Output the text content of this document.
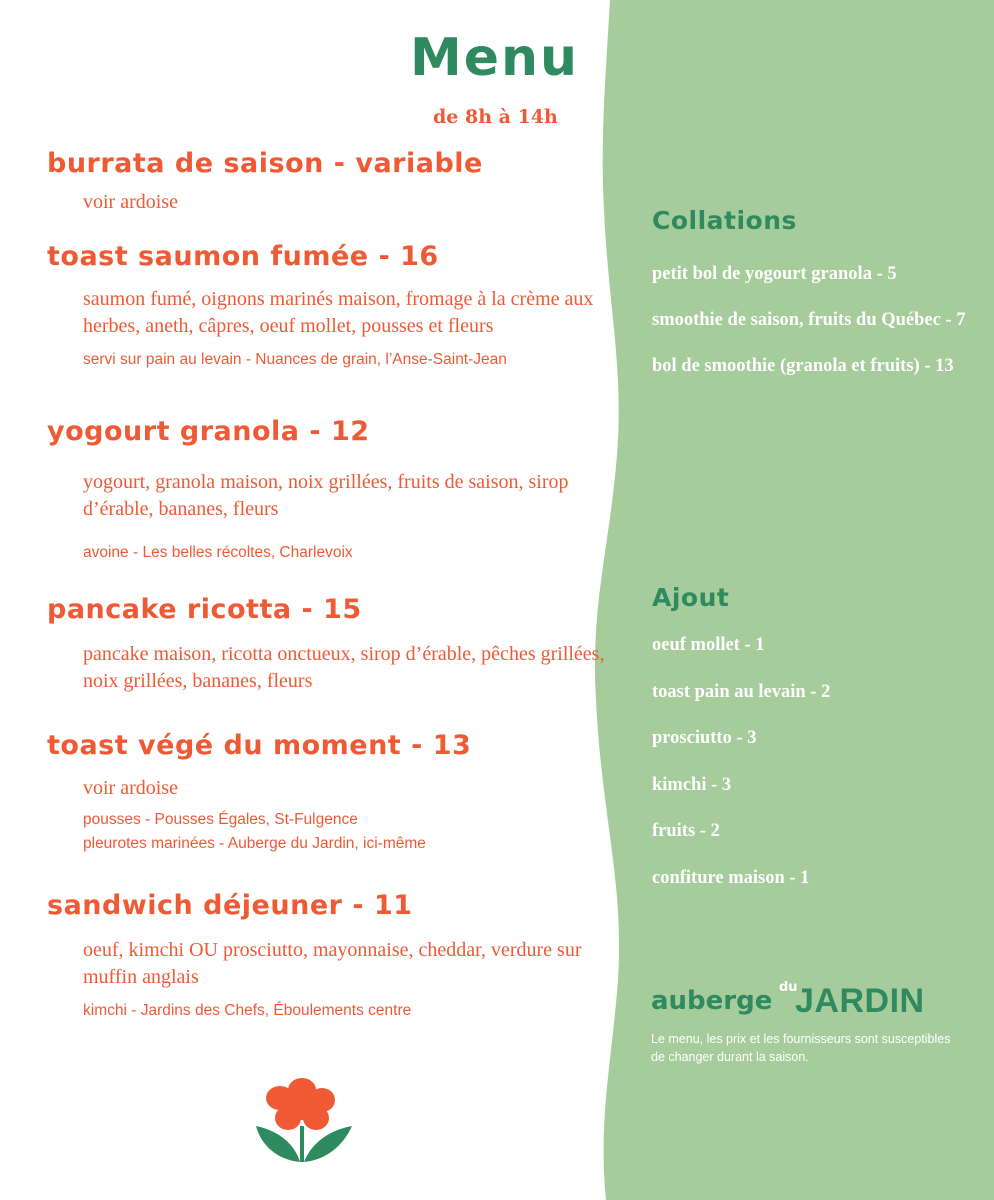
Menu
de 8h à 14h
burrata de saison - variable

voir ardoise

toast saumon fumée - 16

saumon fumé, oignons marinés maison, fromage à la crème aux herbes, aneth, câpres, oeuf mollet, pousses et fleurs

servi sur pain au levain - Nuances de grain, l’Anse-Saint-Jean

yogourt granola - 12

yogourt, granola maison, noix grillées, fruits de saison, sirop d’érable, bananes, fleurs

avoine - Les belles récoltes, Charlevoix

pancake ricotta - 15

pancake maison, ricotta onctueux, sirop d’érable, pêches grillées, noix grillées, bananes, fleurs

toast végé du moment - 13

voir ardoise

pousses - Pousses Égales, St-Fulgence

pleurotes marinées - Auberge du Jardin, ici-même

sandwich déjeuner - 11

oeuf, kimchi OU prosciutto, mayonnaise, cheddar, verdure sur muffin anglais

kimchi - Jardins des Chefs, Éboulements centre

Collations
petit bol de yogourt granola - 5
smoothie de saison, fruits du Québec - 7
bol de smoothie (granola et fruits) - 13
Ajout
oeuf mollet - 1
toast pain au levain - 2
prosciutto - 3
kimchi - 3
fruits - 2
confiture maison - 1
auberge du
JARDIN
Le menu, les prix et les fournisseurs sont susceptibles de changer durant la saison.
